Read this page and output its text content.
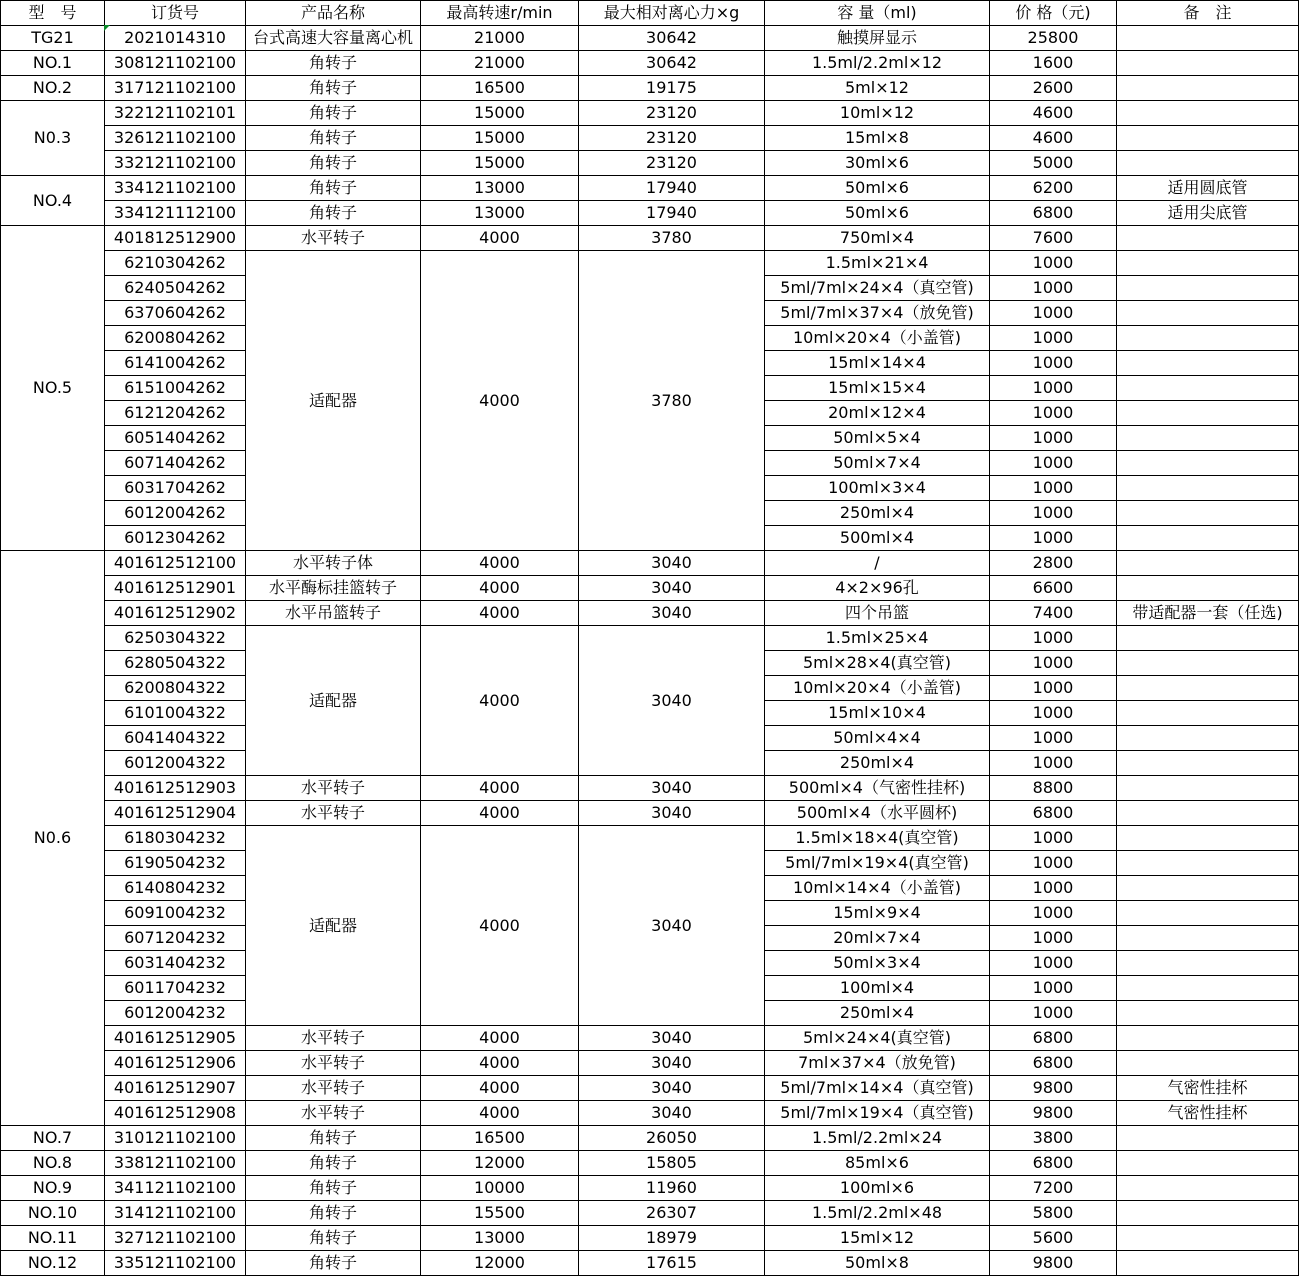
型　号	订货号	产品名称	最高转速r/min	最大相对离心力×g	容 量（ml)	价 格（元)	备　注
TG21	2021014310	台式高速大容量离心机	21000	30642	触摸屏显示	25800	
NO.1	308121102100	角转子	21000	30642	1.5ml/2.2ml×12	1600	
NO.2	317121102100	角转子	16500	19175	5ml×12	2600	
N0.3	322121102101	角转子	15000	23120	10ml×12	4600	
	326121102100	角转子	15000	23120	15ml×8	4600	
	332121102100	角转子	15000	23120	30ml×6	5000	
NO.4	334121102100	角转子	13000	17940	50ml×6	6200	适用圆底管
	334121112100	角转子	13000	17940	50ml×6	6800	适用尖底管
NO.5	401812512900	水平转子	4000	3780	750ml×4	7600	
	6210304262	适配器	4000	3780	1.5ml×21×4	1000	
	6240504262				5ml/7ml×24×4（真空管)	1000	
	6370604262				5ml/7ml×37×4（放免管)	1000	
	6200804262				10ml×20×4（小盖管)	1000	
	6141004262				15ml×14×4	1000	
	6151004262				15ml×15×4	1000	
	6121204262				20ml×12×4	1000	
	6051404262				50ml×5×4	1000	
	6071404262				50ml×7×4	1000	
	6031704262				100ml×3×4	1000	
	6012004262				250ml×4	1000	
	6012304262				500ml×4	1000	
N0.6	401612512100	水平转子体	4000	3040	/	2800	
	401612512901	水平酶标挂篮转子	4000	3040	4×2×96孔	6600	
	401612512902	水平吊篮转子	4000	3040	四个吊篮	7400	带适配器一套（任选)
	6250304322	适配器	4000	3040	1.5ml×25×4	1000	
	6280504322				5ml×28×4(真空管)	1000	
	6200804322				10ml×20×4（小盖管)	1000	
	6101004322				15ml×10×4	1000	
	6041404322				50ml×4×4	1000	
	6012004322				250ml×4	1000	
	401612512903	水平转子	4000	3040	500ml×4（气密性挂杯)	8800	
	401612512904	水平转子	4000	3040	500ml×4（水平圆杯)	6800	
	6180304232	适配器	4000	3040	1.5ml×18×4(真空管)	1000	
	6190504232				5ml/7ml×19×4(真空管)	1000	
	6140804232				10ml×14×4（小盖管)	1000	
	6091004232				15ml×9×4	1000	
	6071204232				20ml×7×4	1000	
	6031404232				50ml×3×4	1000	
	6011704232				100ml×4	1000	
	6012004232				250ml×4	1000	
	401612512905	水平转子	4000	3040	5ml×24×4(真空管)	6800	
	401612512906	水平转子	4000	3040	7ml×37×4（放免管)	6800	
	401612512907	水平转子	4000	3040	5ml/7ml×14×4（真空管)	9800	气密性挂杯
	401612512908	水平转子	4000	3040	5ml/7ml×19×4（真空管)	9800	气密性挂杯
NO.7	310121102100	角转子	16500	26050	1.5ml/2.2ml×24	3800	
NO.8	338121102100	角转子	12000	15805	85ml×6	6800	
NO.9	341121102100	角转子	10000	11960	100ml×6	7200	
NO.10	314121102100	角转子	15500	26307	1.5ml/2.2ml×48	5800	
NO.11	327121102100	角转子	13000	18979	15ml×12	5600	
NO.12	335121102100	角转子	12000	17615	50ml×8	9800	
